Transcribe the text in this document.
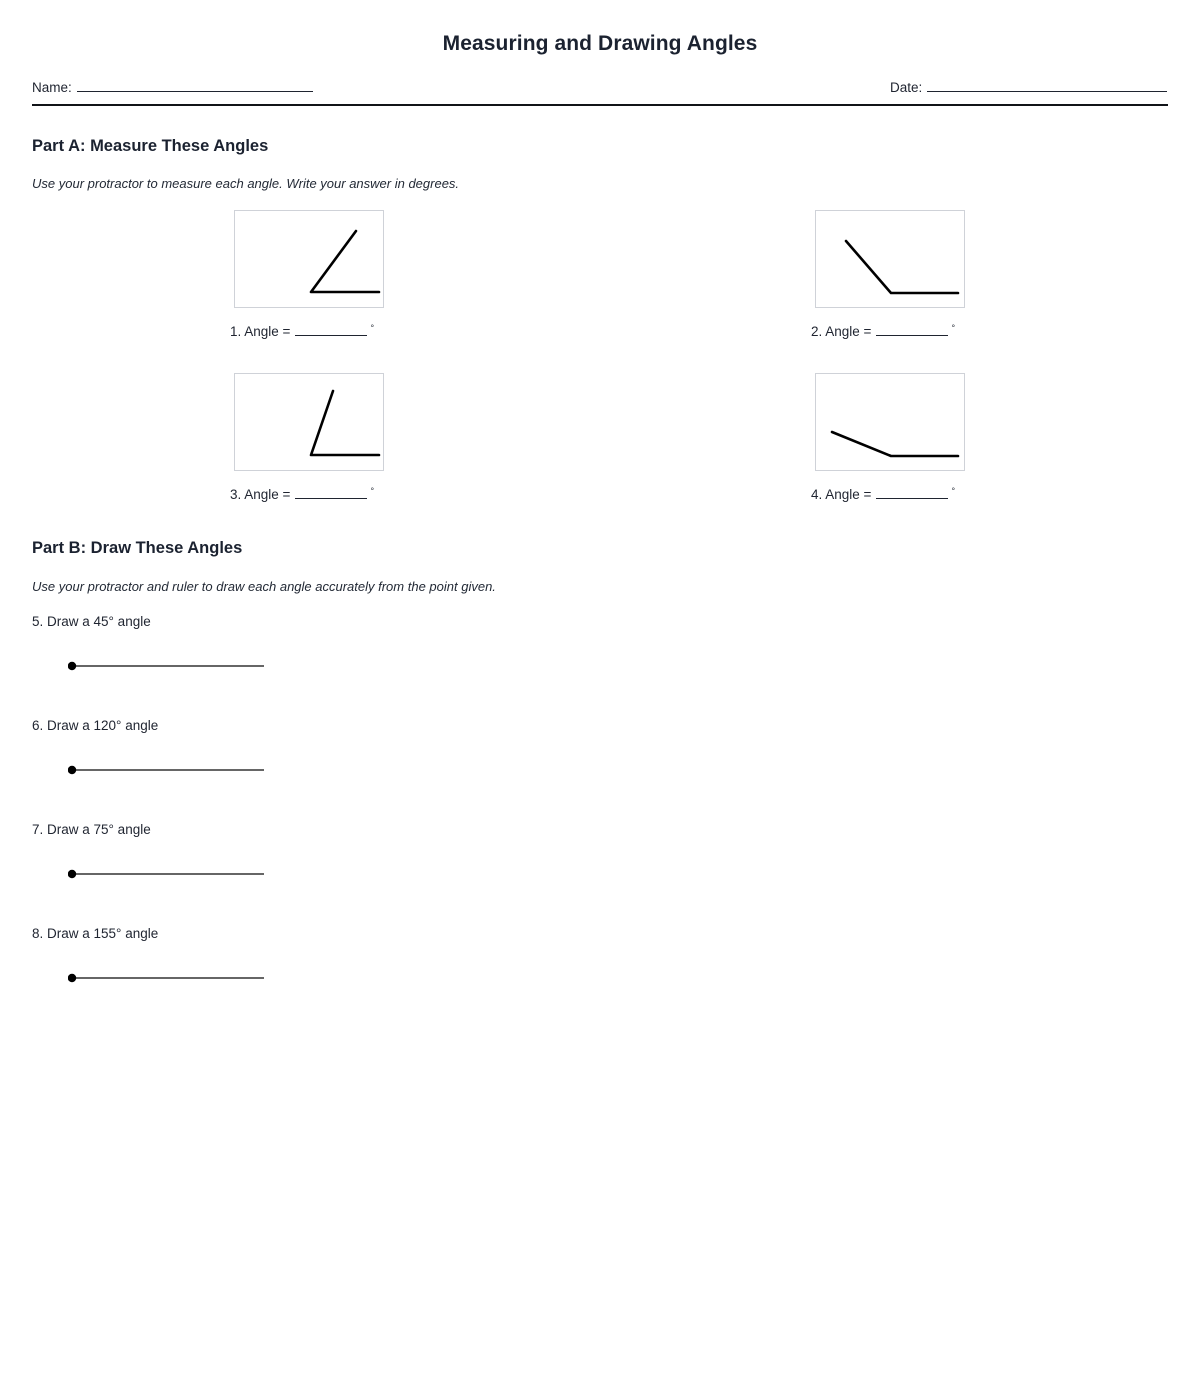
Measuring and Drawing Angles
Name:	Date:
Part A: Measure These Angles
Use your protractor to measure each angle. Write your answer in degrees.
1. Angle =	°	2. Angle =	°
3. Angle =	°	4. Angle =	°
Part B: Draw These Angles
Use your protractor and ruler to draw each angle accurately from the point given.
5. Draw a 45° angle
6. Draw a 120° angle
7. Draw a 75° angle
8. Draw a 155° angle
